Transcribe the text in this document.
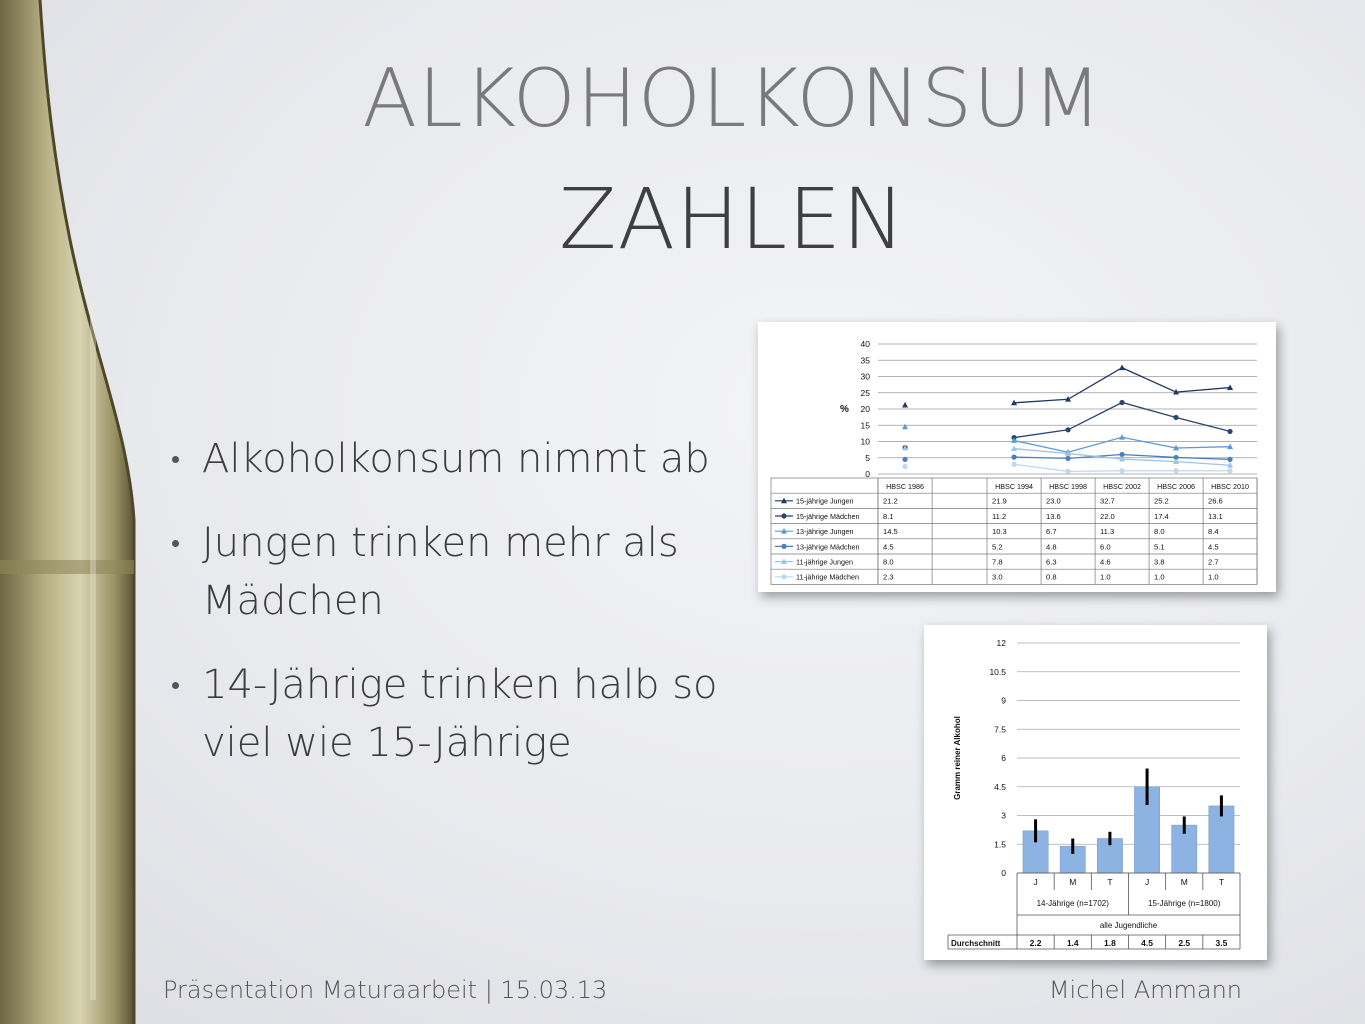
ALKOHOLKONSUM
ZAHLEN
Alkoholkonsum nimmt ab
Jungen trinken mehr als Mädchen
14-Jährige trinken halb so viel wie 15-Jährige
0
5
10
15
20
25
30
35
40
%
HBSC 1986	HBSC 1994 HBSC 1998 HBSC 2002 HBSC 2006 HBSC 2010
15-jährige Jungen	21.2	21.9	23.0	32.7	25.2	26.6
15-jährige Mädchen	8.1	11.2	13.6	22.0	17.4	13.1
13-jährige Jungen	14.5	10.3	6.7	11.3	8.0	8.4
13-jährige Mädchen	4.5	5.2	4.8	6.0	5.1	4.5
11-jährige Jungen	8.0	7.8	6.3	4.6	3.8	2.7
11-jährige Mädchen	2.3	3.0	0.8	1.0	1.0	1.0
0
1.5
3
4.5
6
7.5
9
10.5
12
Gramm reiner Alkohol
J	M	T	J	M	T
14-Jährige (n=1702)	15-Jährige (n=1800)
alle Jugendliche
Durchschnitt	2.2	1.4	1.8	4.5	2.5	3.5
Präsentation Maturaarbeit | 15.03.13	Michel Ammann
